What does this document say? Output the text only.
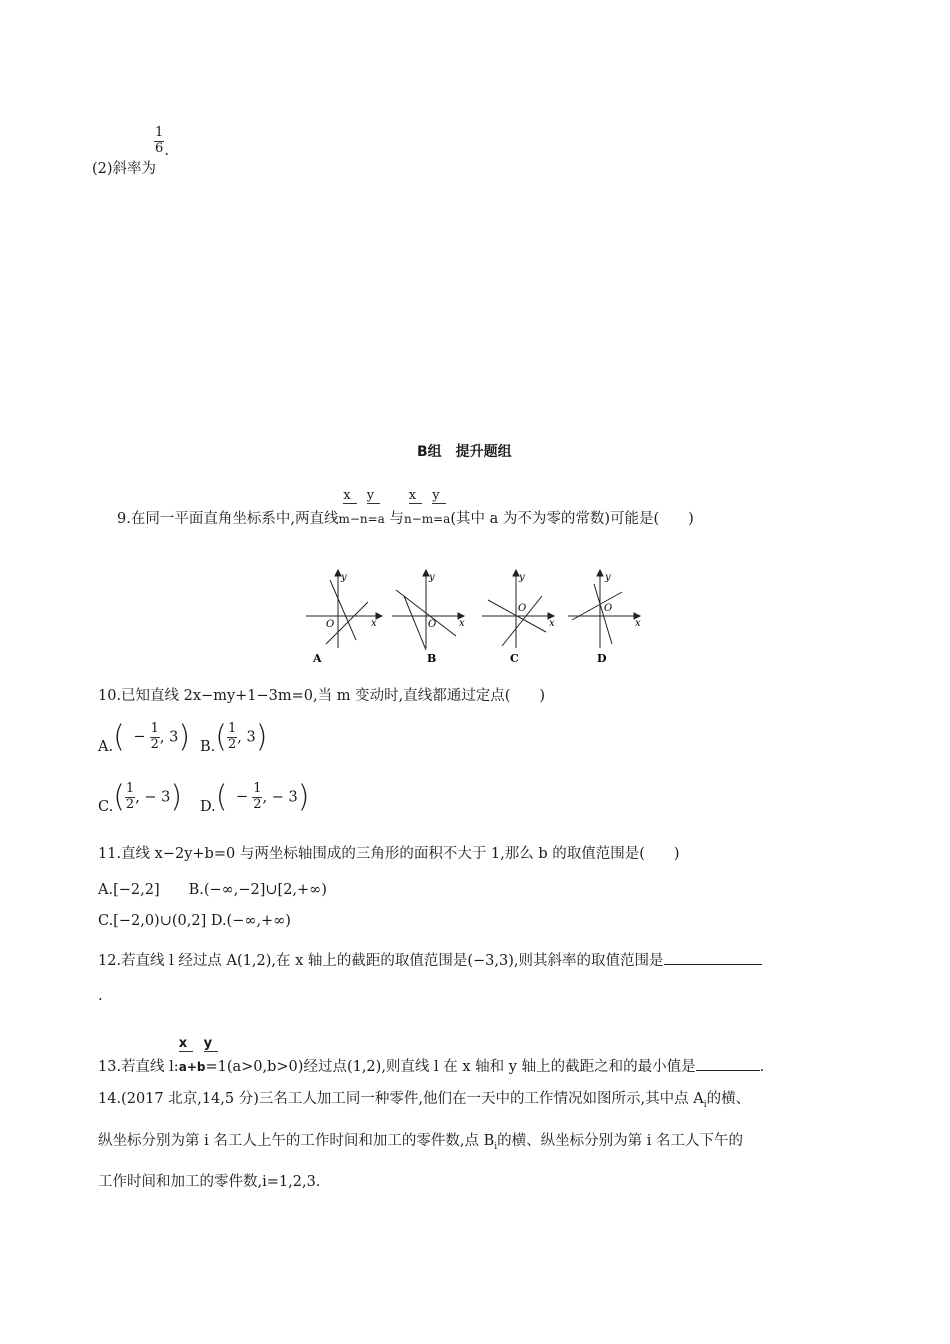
(2)斜率为
$\frac{1}{6}$ .
B组　提升题组
9.在同一平面直角坐标系中,两直线
x y
m−n=a 与
x y
n−m=a(其中 a 为不为零的常数)可能是(　　)
y
x
O
A
y
x
O
B
y
x
O
C
y
x
O
D
10.已知直线 2x−my+1−3m=0,当 m 变动时,直线都通过定点(　　)
$A.( - \frac{1}{2}$ , 3) $B.( \frac{1}{2}$ , 3)
$C.( \frac{1}{2}$ , − 3) $D.( - \frac{1}{2}$ , − 3)
11.直线 x−2y+b=0 与两坐标轴围成的三角形的面积不大于 1,那么 b 的取值范围是(　　)
A.[−2,2]　　B.(−∞,−2]∪[2,+∞)
C.[−2,0)∪(0,2] D.(−∞,+∞)
12.若直线 l 经过点 A(1,2),在 x 轴上的截距的取值范围是(−3,3),则其斜率的取值范围是
.
13.若直线 l:
x y
a+b=1(a>0,b>0)经过点(1,2),则直线 l 在 x 轴和 y 轴上的截距之和的最小值是	.
14.(2017 北京,14,5 分)三名工人加工同一种零件,他们在一天中的工作情况如图所示,其中点 $A_i$的横、
纵坐标分别为第 i 名工人上午的工作时间和加工的零件数,点 $B_i$的横、纵坐标分别为第 i 名工人下午的
工作时间和加工的零件数,i=1,2,3.
